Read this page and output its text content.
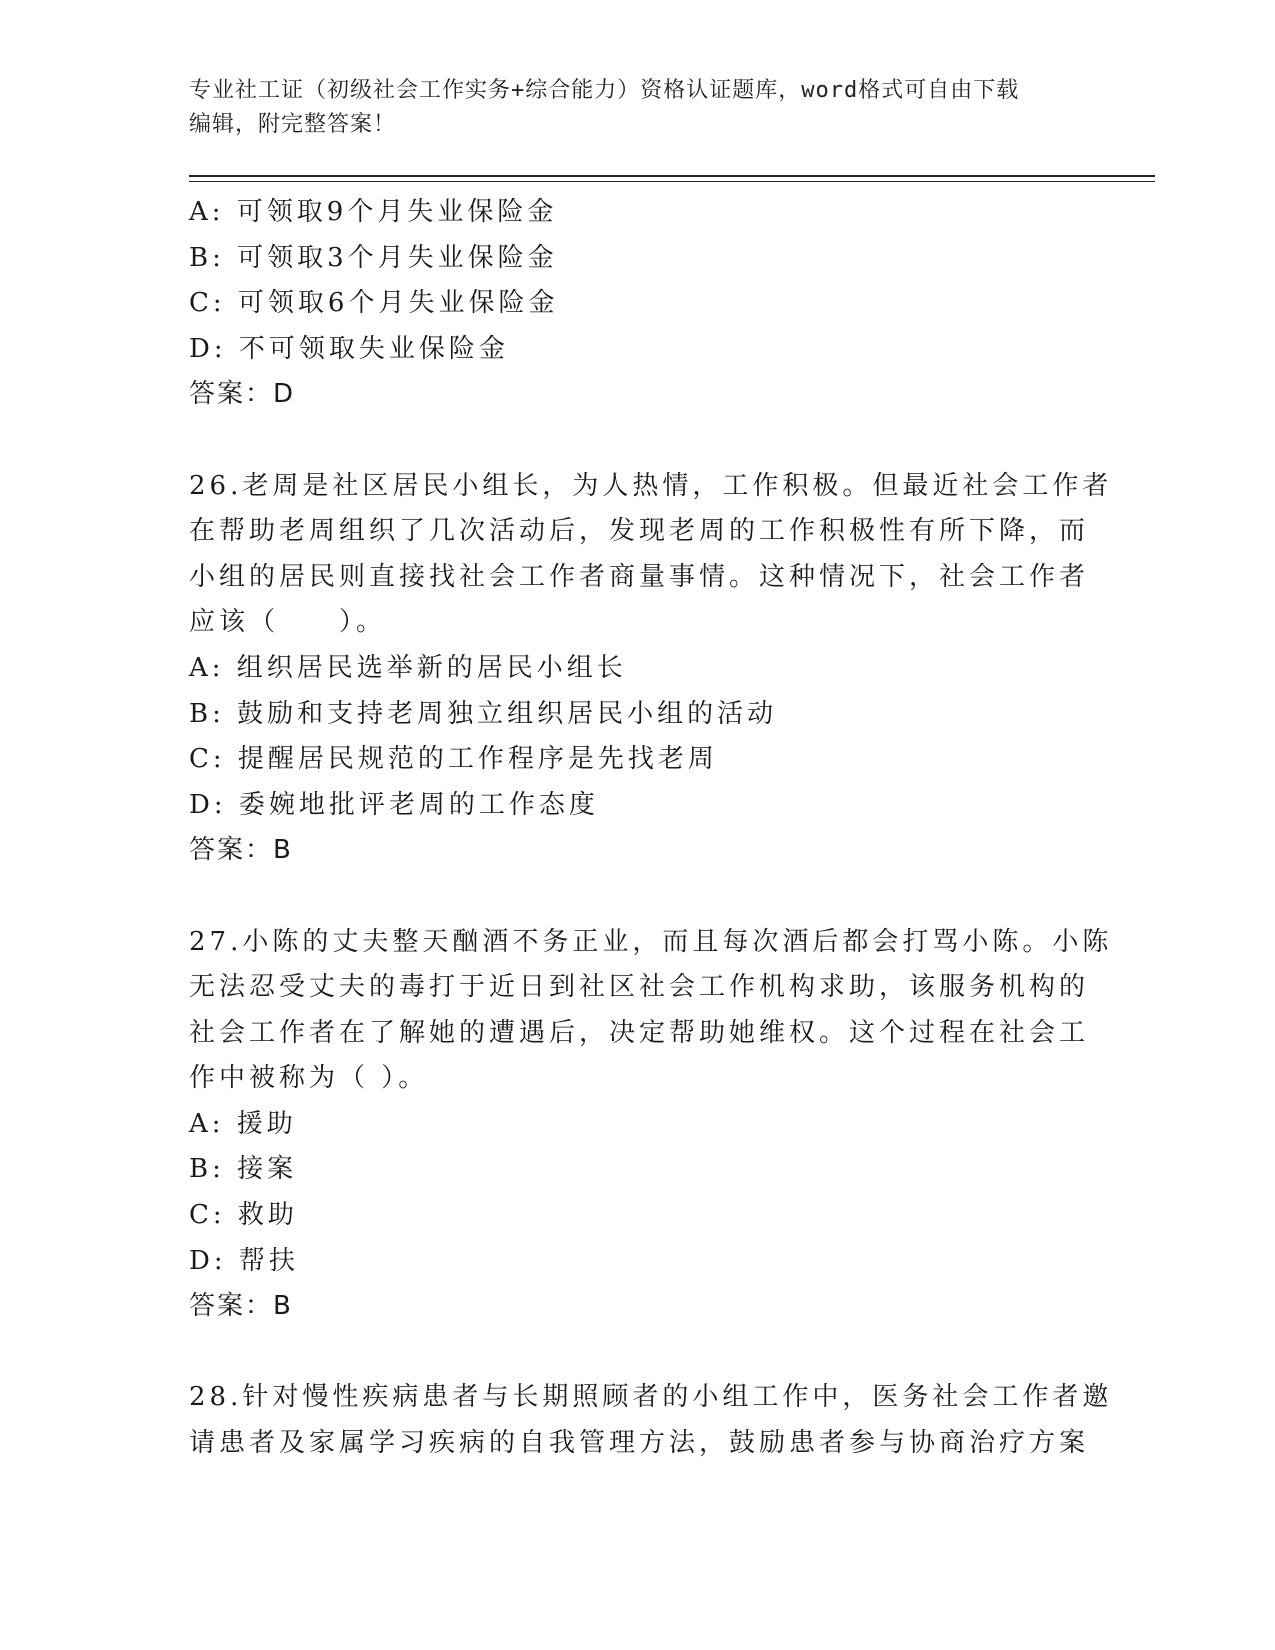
专业社工证（初级社会工作实务+综合能力）资格认证题库，word格式可自由下载
编辑，附完整答案！
A: 可领取9个月失业保险金
B: 可领取3个月失业保险金
C: 可领取6个月失业保险金
D: 不可领取失业保险金
答案：D
26.老周是社区居民小组长，为人热情，工作积极。但最近社会工作者
在帮助老周组织了几次活动后，发现老周的工作积极性有所下降，而
小组的居民则直接找社会工作者商量事情。这种情况下，社会工作者
应该（　　）。
A: 组织居民选举新的居民小组长
B: 鼓励和支持老周独立组织居民小组的活动
C: 提醒居民规范的工作程序是先找老周
D: 委婉地批评老周的工作态度
答案：B
27.小陈的丈夫整天酗酒不务正业，而且每次酒后都会打骂小陈。小陈
无法忍受丈夫的毒打于近日到社区社会工作机构求助，该服务机构的
社会工作者在了解她的遭遇后，决定帮助她维权。这个过程在社会工
作中被称为（ ）。
A: 援助
B: 接案
C: 救助
D: 帮扶
答案：B
28.针对慢性疾病患者与长期照顾者的小组工作中，医务社会工作者邀
请患者及家属学习疾病的自我管理方法，鼓励患者参与协商治疗方案
